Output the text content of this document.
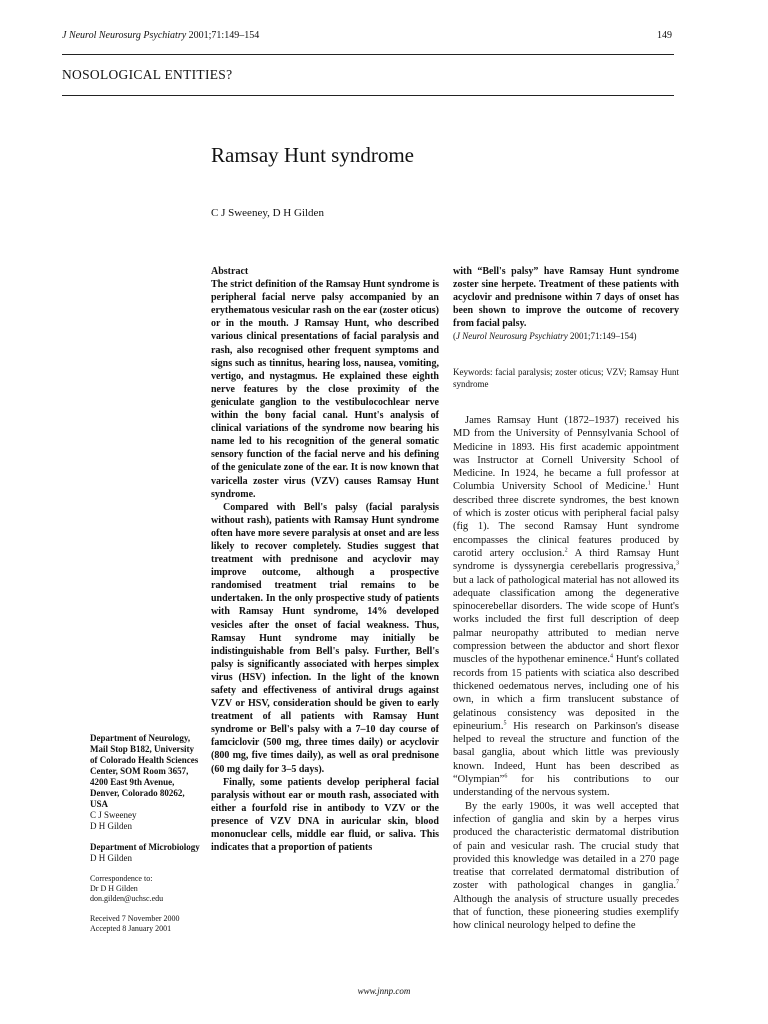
J Neurol Neurosurg Psychiatry 2001;71:149–154	149
NOSOLOGICAL ENTITIES?
Ramsay Hunt syndrome
C J Sweeney, D H Gilden

Abstract

The strict definition of the Ramsay Hunt syndrome is peripheral facial nerve palsy accompanied by an erythematous vesicular rash on the ear (zoster oticus) or in the mouth. J Ramsay Hunt, who described various clinical presentations of facial paralysis and rash, also recognised other frequent symptoms and signs such as tinnitus, hearing loss, nausea, vomiting, vertigo, and nystagmus. He explained these eighth nerve features by the close proximity of the geniculate ganglion to the vestibulocochlear nerve within the bony facial canal. Hunt's analysis of clinical variations of the syndrome now bearing his name led to his recognition of the general somatic sensory function of the facial nerve and his defining of the geniculate zone of the ear. It is now known that varicella zoster virus (VZV) causes Ramsay Hunt syndrome.

Compared with Bell's palsy (facial paralysis without rash), patients with Ramsay Hunt syndrome often have more severe paralysis at onset and are less likely to recover completely. Studies suggest that treatment with prednisone and acyclovir may improve outcome, although a prospective randomised treatment trial remains to be undertaken. In the only prospective study of patients with Ramsay Hunt syndrome, 14% developed vesicles after the onset of facial weakness. Thus, Ramsay Hunt syndrome may initially be indistinguishable from Bell's palsy. Further, Bell's palsy is significantly associated with herpes simplex virus (HSV) infection. In the light of the known safety and effectiveness of antiviral drugs against VZV or HSV, consideration should be given to early treatment of all patients with Ramsay Hunt syndrome or Bell's palsy with a 7–10 day course of famciclovir (500 mg, three times daily) or acyclovir (800 mg, five times daily), as well as oral prednisone (60 mg daily for 3–5 days).

Finally, some patients develop peripheral facial paralysis without ear or mouth rash, associated with either a fourfold rise in antibody to VZV or the presence of VZV DNA in auricular skin, blood mononuclear cells, middle ear fluid, or saliva. This indicates that a proportion of patients

with “Bell's palsy” have Ramsay Hunt syndrome zoster sine herpete. Treatment of these patients with acyclovir and prednisone within 7 days of onset has been shown to improve the outcome of recovery from facial palsy.

(J Neurol Neurosurg Psychiatry 2001;71:149–154)

Keywords: facial paralysis; zoster oticus; VZV; Ramsay Hunt syndrome

James Ramsay Hunt (1872–1937) received his MD from the University of Pennsylvania School of Medicine in 1893. His first academic appointment was Instructor at Cornell University School of Medicine. In 1924, he became a full professor at Columbia University School of Medicine.$^1$ Hunt described three discrete syndromes, the best known of which is zoster oticus with peripheral facial palsy (fig 1). The second Ramsay Hunt syndrome encompasses the clinical features produced by carotid artery occlusion.$^2$ A third Ramsay Hunt syndrome is dyssynergia cerebellaris progressiva,$^3$ but a lack of pathological material has not allowed its adequate classification among the degenerative spinocerebellar disorders. The wide scope of Hunt's works included the first full description of deep palmar neuropathy attributed to median nerve compression between the abductor and short flexor muscles of the hypothenar eminence.$^4$ Hunt's collated records from 15 patients with sciatica also described thickened oedematous nerves, including one of his own, in which a firm translucent substance of gelatinous consistency was deposited in the epineurium.$^5$ His research on Parkinson's disease helped to reveal the structure and function of the basal ganglia, about which little was previously known. Indeed, Hunt has been described as “Olympian”$^6$ for his contributions to our understanding of the nervous system.

By the early 1900s, it was well accepted that infection of ganglia and skin by a herpes virus produced the characteristic dermatomal distribution of pain and vesicular rash. The crucial study that provided this knowledge was detailed in a 270 page treatise that correlated dermatomal distribution of zoster with pathological changes in ganglia.$^7$ Although the analysis of structure usually precedes that of function, these pioneering studies exemplify how clinical neurology helped to define the

Department of Neurology, Mail Stop B182, University of Colorado Health Sciences Center, SOM Room 3657, 4200 East 9th Avenue, Denver, Colorado 80262, USA

C J Sweeney

D H Gilden

Department of Microbiology

D H Gilden

Correspondence to:

Dr D H Gilden

don.gilden@uchsc.edu

Received 7 November 2000

Accepted 8 January 2001

www.jnnp.com
